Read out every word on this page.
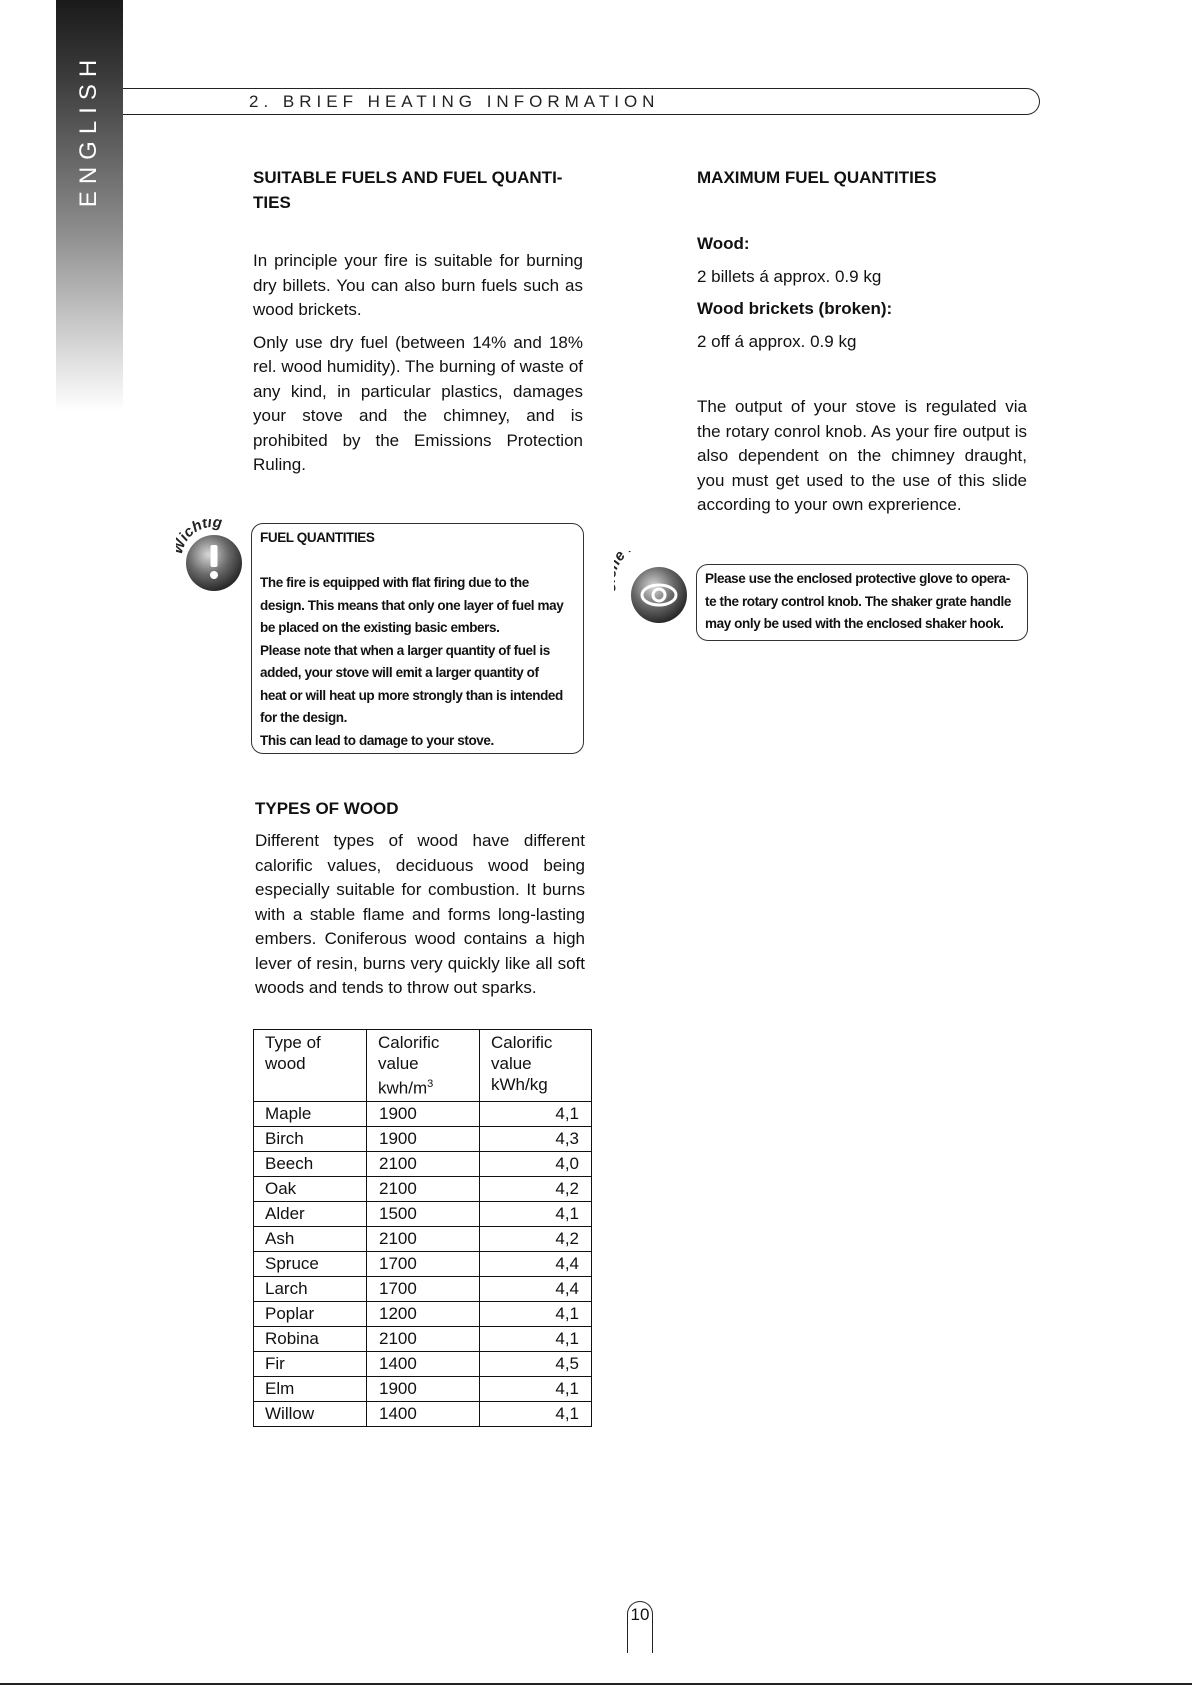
ENGLISH	2. BRIEF HEATING INFORMATION
SUITABLE FUELS AND FUEL QUANTI-TIES

In principle your fire is suitable for burning dry billets. You can also burn fuels such as wood brickets.

Only use dry fuel (between 14% and 18% rel. wood humidity). The burning of waste of any kind, in particular plastics, damages your stove and the chimney, and is prohibited by the Emissions Protection Ruling.

ichtig

FUEL QUANTITIES

The fire is equipped with flat firing due to the

design. This means that only one layer of fuel may

be placed on the existing basic embers.

Please note that when a larger quantity of fuel is

added, your stove will emit a larger quantity of

heat or will heat up more strongly than is intended

for the design.

This can lead to damage to your stove.

TYPES OF WOOD

Different types of wood have different calorific values, deciduous wood being especially suitable for combustion. It burns with a stable flame and forms long-lasting embers. Coniferous wood contains a high lever of resin, burns very quickly like all soft woods and tends to throw out sparks.

Type of wood	Calorific value kwh/$m^3$	Calorific value kWh/kg
Maple	1900	4,1
Birch	1900	4,3
Beech	2100	4,0
Oak	2100	4,2
Alder	1500	4,1
Ash	2100	4,2
Spruce	1700	4,4
Larch	1700	4,4
Poplar	1200	4,1
Robina	2100	4,1
Fir	1400	4,5
Elm	1900	4,1
Willow	1400	4,1
MAXIMUM FUEL QUANTITIES

Wood:

2 billets á approx. 0.9 kg

Wood brickets (broken):

2 off á approx. 0.9 kg

The output of your stove is regulated via the rotary conrol knob. As your fire output is also dependent on the chimney draught, you must get used to the use of this slide according to your own exprerience.

Please use the enclosed protective glove to opera-

te the rotary control knob. The shaker grate handle

may only be used with the enclosed shaker hook.

10
